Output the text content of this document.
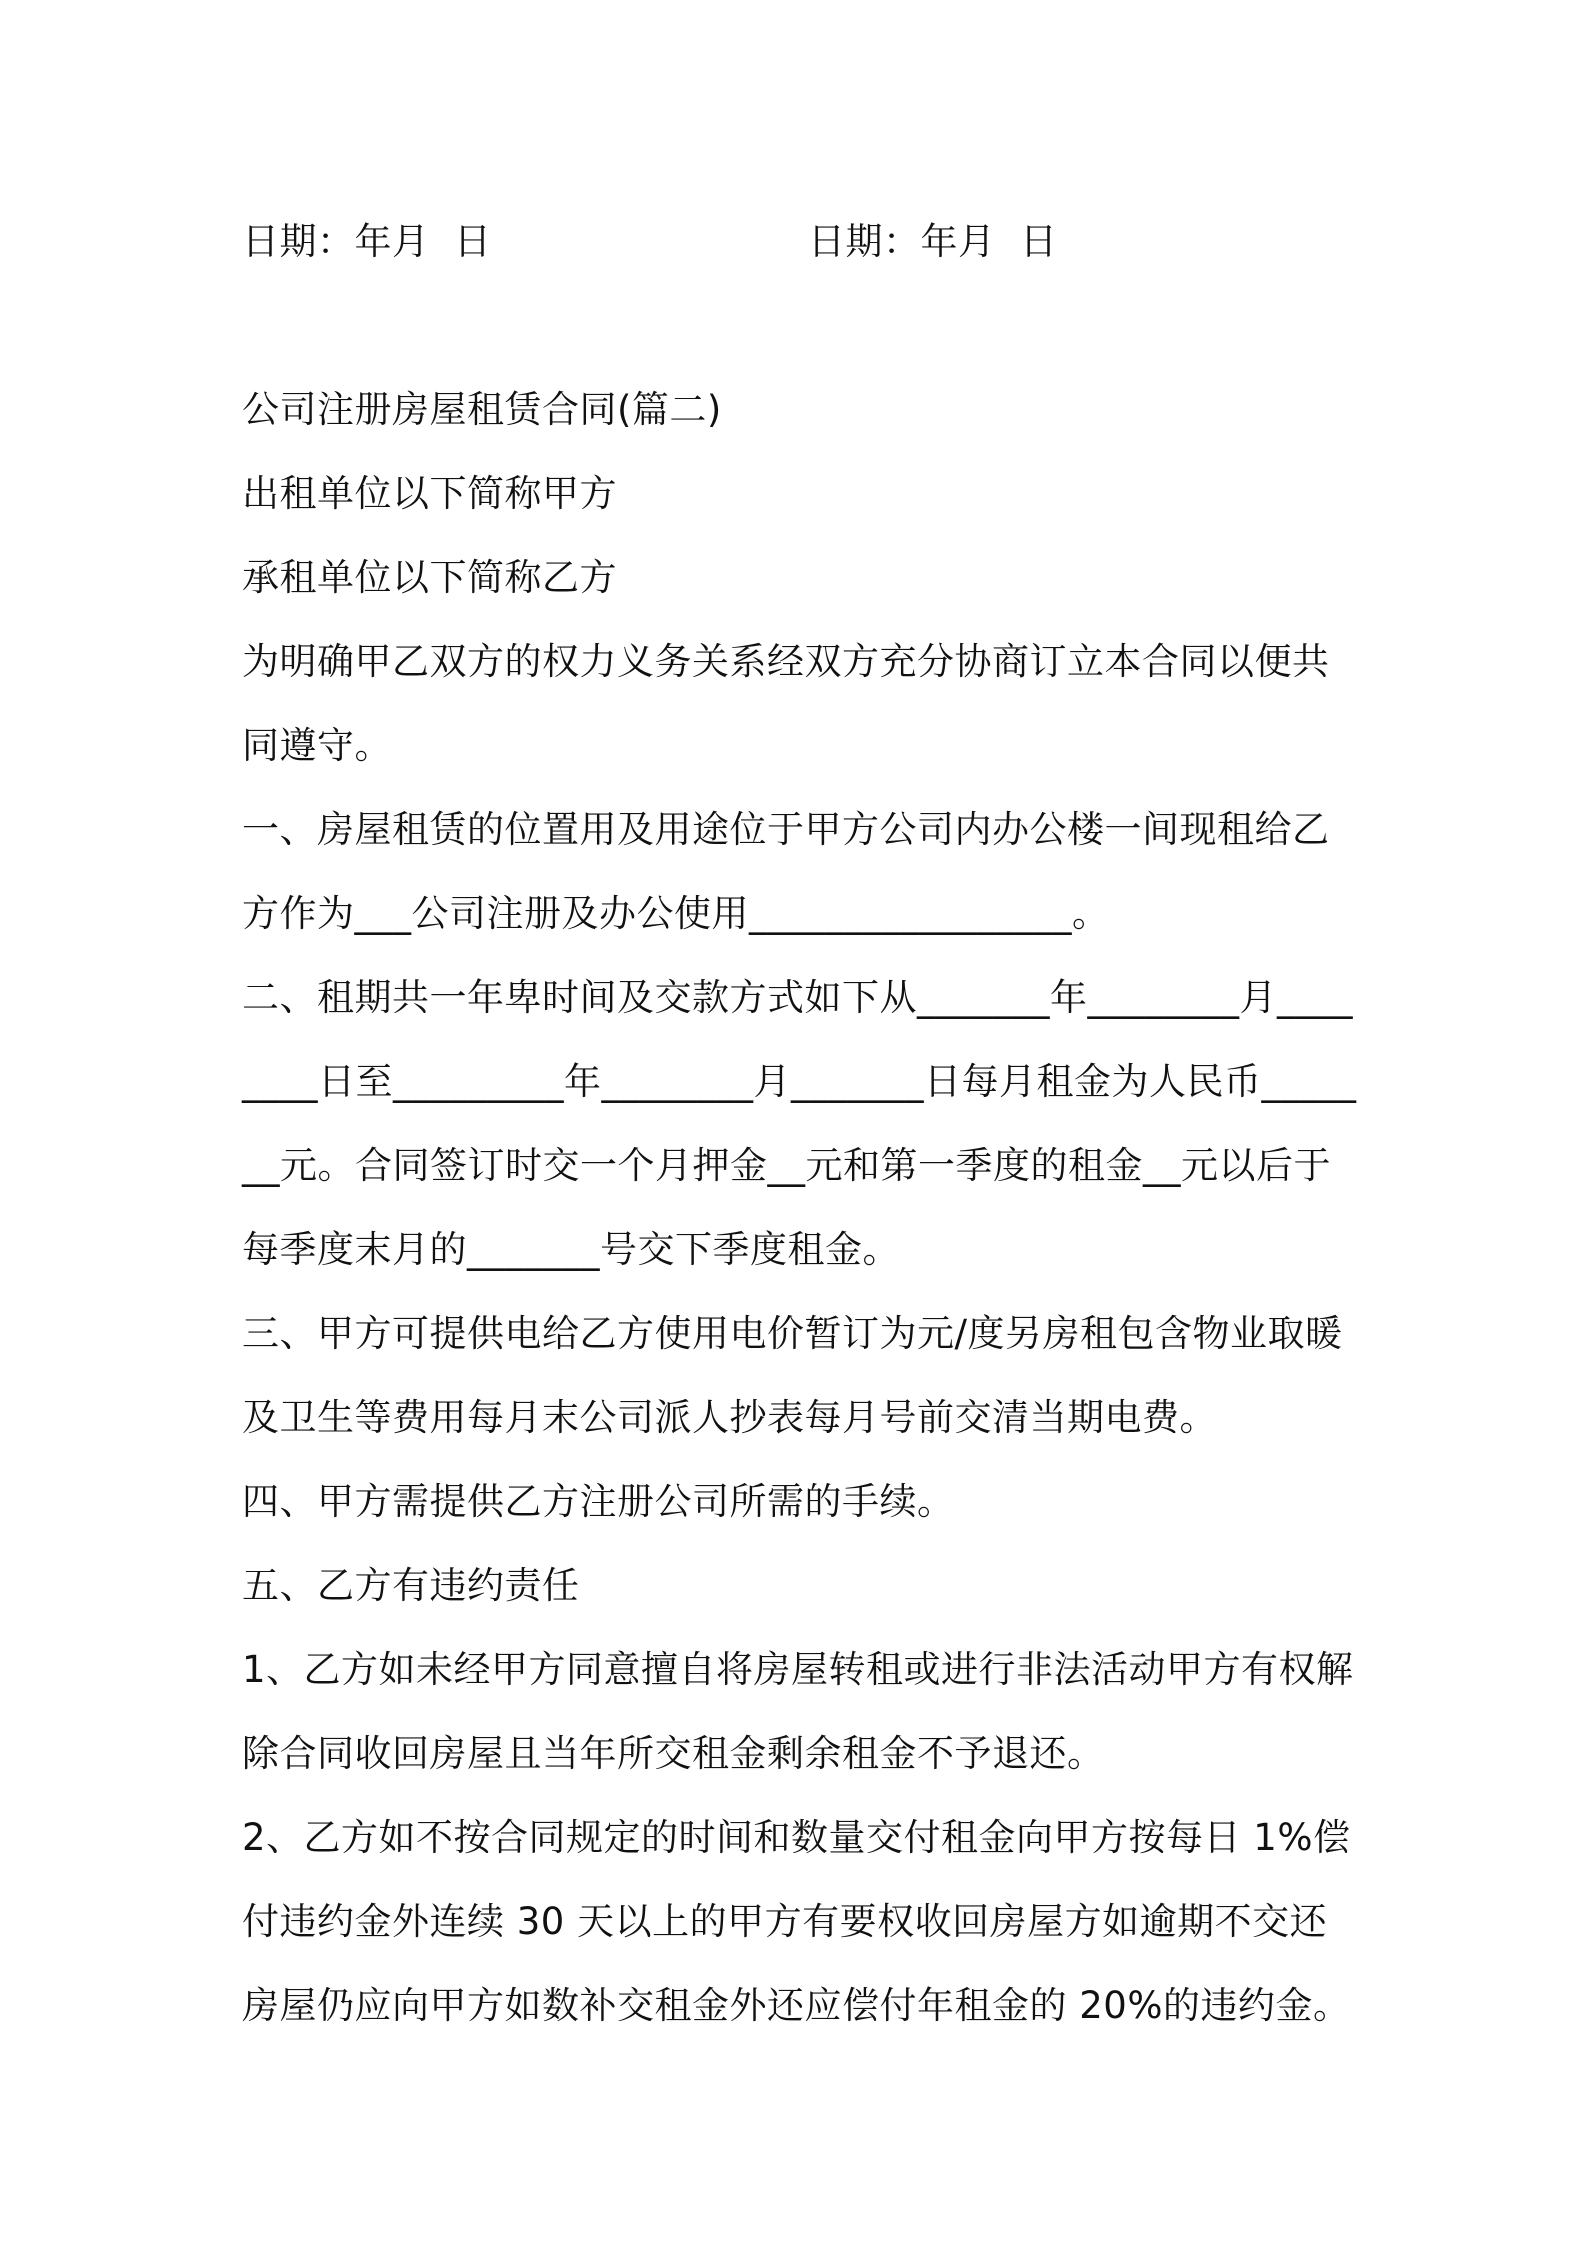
日期：年月  日	日期：年月  日

公司注册房屋租赁合同(篇二)

出租单位以下简称甲方

承租单位以下简称乙方

为明确甲乙双方的权力义务关系经双方充分协商订立本合同以便共同遵守。

一、房屋租赁的位置用及用途位于甲方公司内办公楼一间现租给乙方作为___公司注册及办公使用_________________。

二、租期共一年卑时间及交款方式如下从_______年________月________日至_________年________月_______日每月租金为人民币_______元。合同签订时交一个月押金__元和第一季度的租金__元以后于每季度末月的_______号交下季度租金。

三、甲方可提供电给乙方使用电价暂订为元/度另房租包含物业取暖及卫生等费用每月末公司派人抄表每月号前交清当期电费。

四、甲方需提供乙方注册公司所需的手续。

五、乙方有违约责任

1、乙方如未经甲方同意擅自将房屋转租或进行非法活动甲方有权解除合同收回房屋且当年所交租金剩余租金不予退还。

2、乙方如不按合同规定的时间和数量交付租金向甲方按每日 1%偿付违约金外连续 30 天以上的甲方有要权收回房屋方如逾期不交还房屋仍应向甲方如数补交租金外还应偿付年租金的 20%的违约金。
